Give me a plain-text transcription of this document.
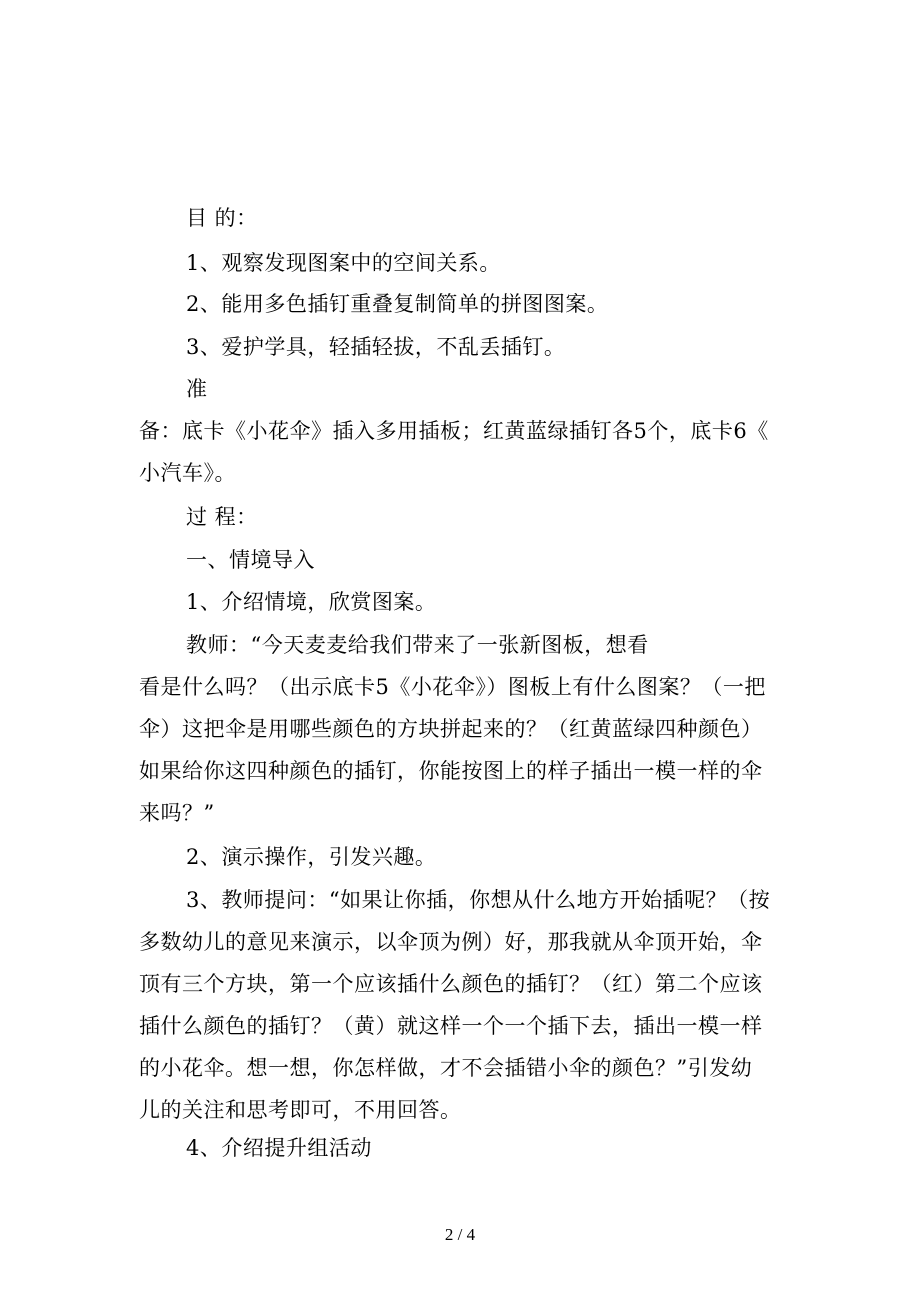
目 的：
1、观察发现图案中的空间关系。
2、能用多色插钉重叠复制简单的拼图图案。
3、爱护学具，轻插轻拔，不乱丢插钉。
准
备：底卡《小花伞》插入多用插板；红黄蓝绿插钉各5个，底卡6《
小汽车》。
过 程：
一、情境导入
1、介绍情境，欣赏图案。
教师：“今天麦麦给我们带来了一张新图板，想看
看是什么吗？（出示底卡5《小花伞》）图板上有什么图案？（一把
伞）这把伞是用哪些颜色的方块拼起来的？（红黄蓝绿四种颜色）
如果给你这四种颜色的插钉，你能按图上的样子插出一模一样的伞
来吗？”
2、演示操作，引发兴趣。
3、教师提问：“如果让你插，你想从什么地方开始插呢？（按
多数幼儿的意见来演示，以伞顶为例）好，那我就从伞顶开始，伞
顶有三个方块，第一个应该插什么颜色的插钉？（红）第二个应该
插什么颜色的插钉？（黄）就这样一个一个插下去，插出一模一样
的小花伞。想一想，你怎样做，才不会插错小伞的颜色？”引发幼
儿的关注和思考即可，不用回答。
4、介绍提升组活动
2 / 4
